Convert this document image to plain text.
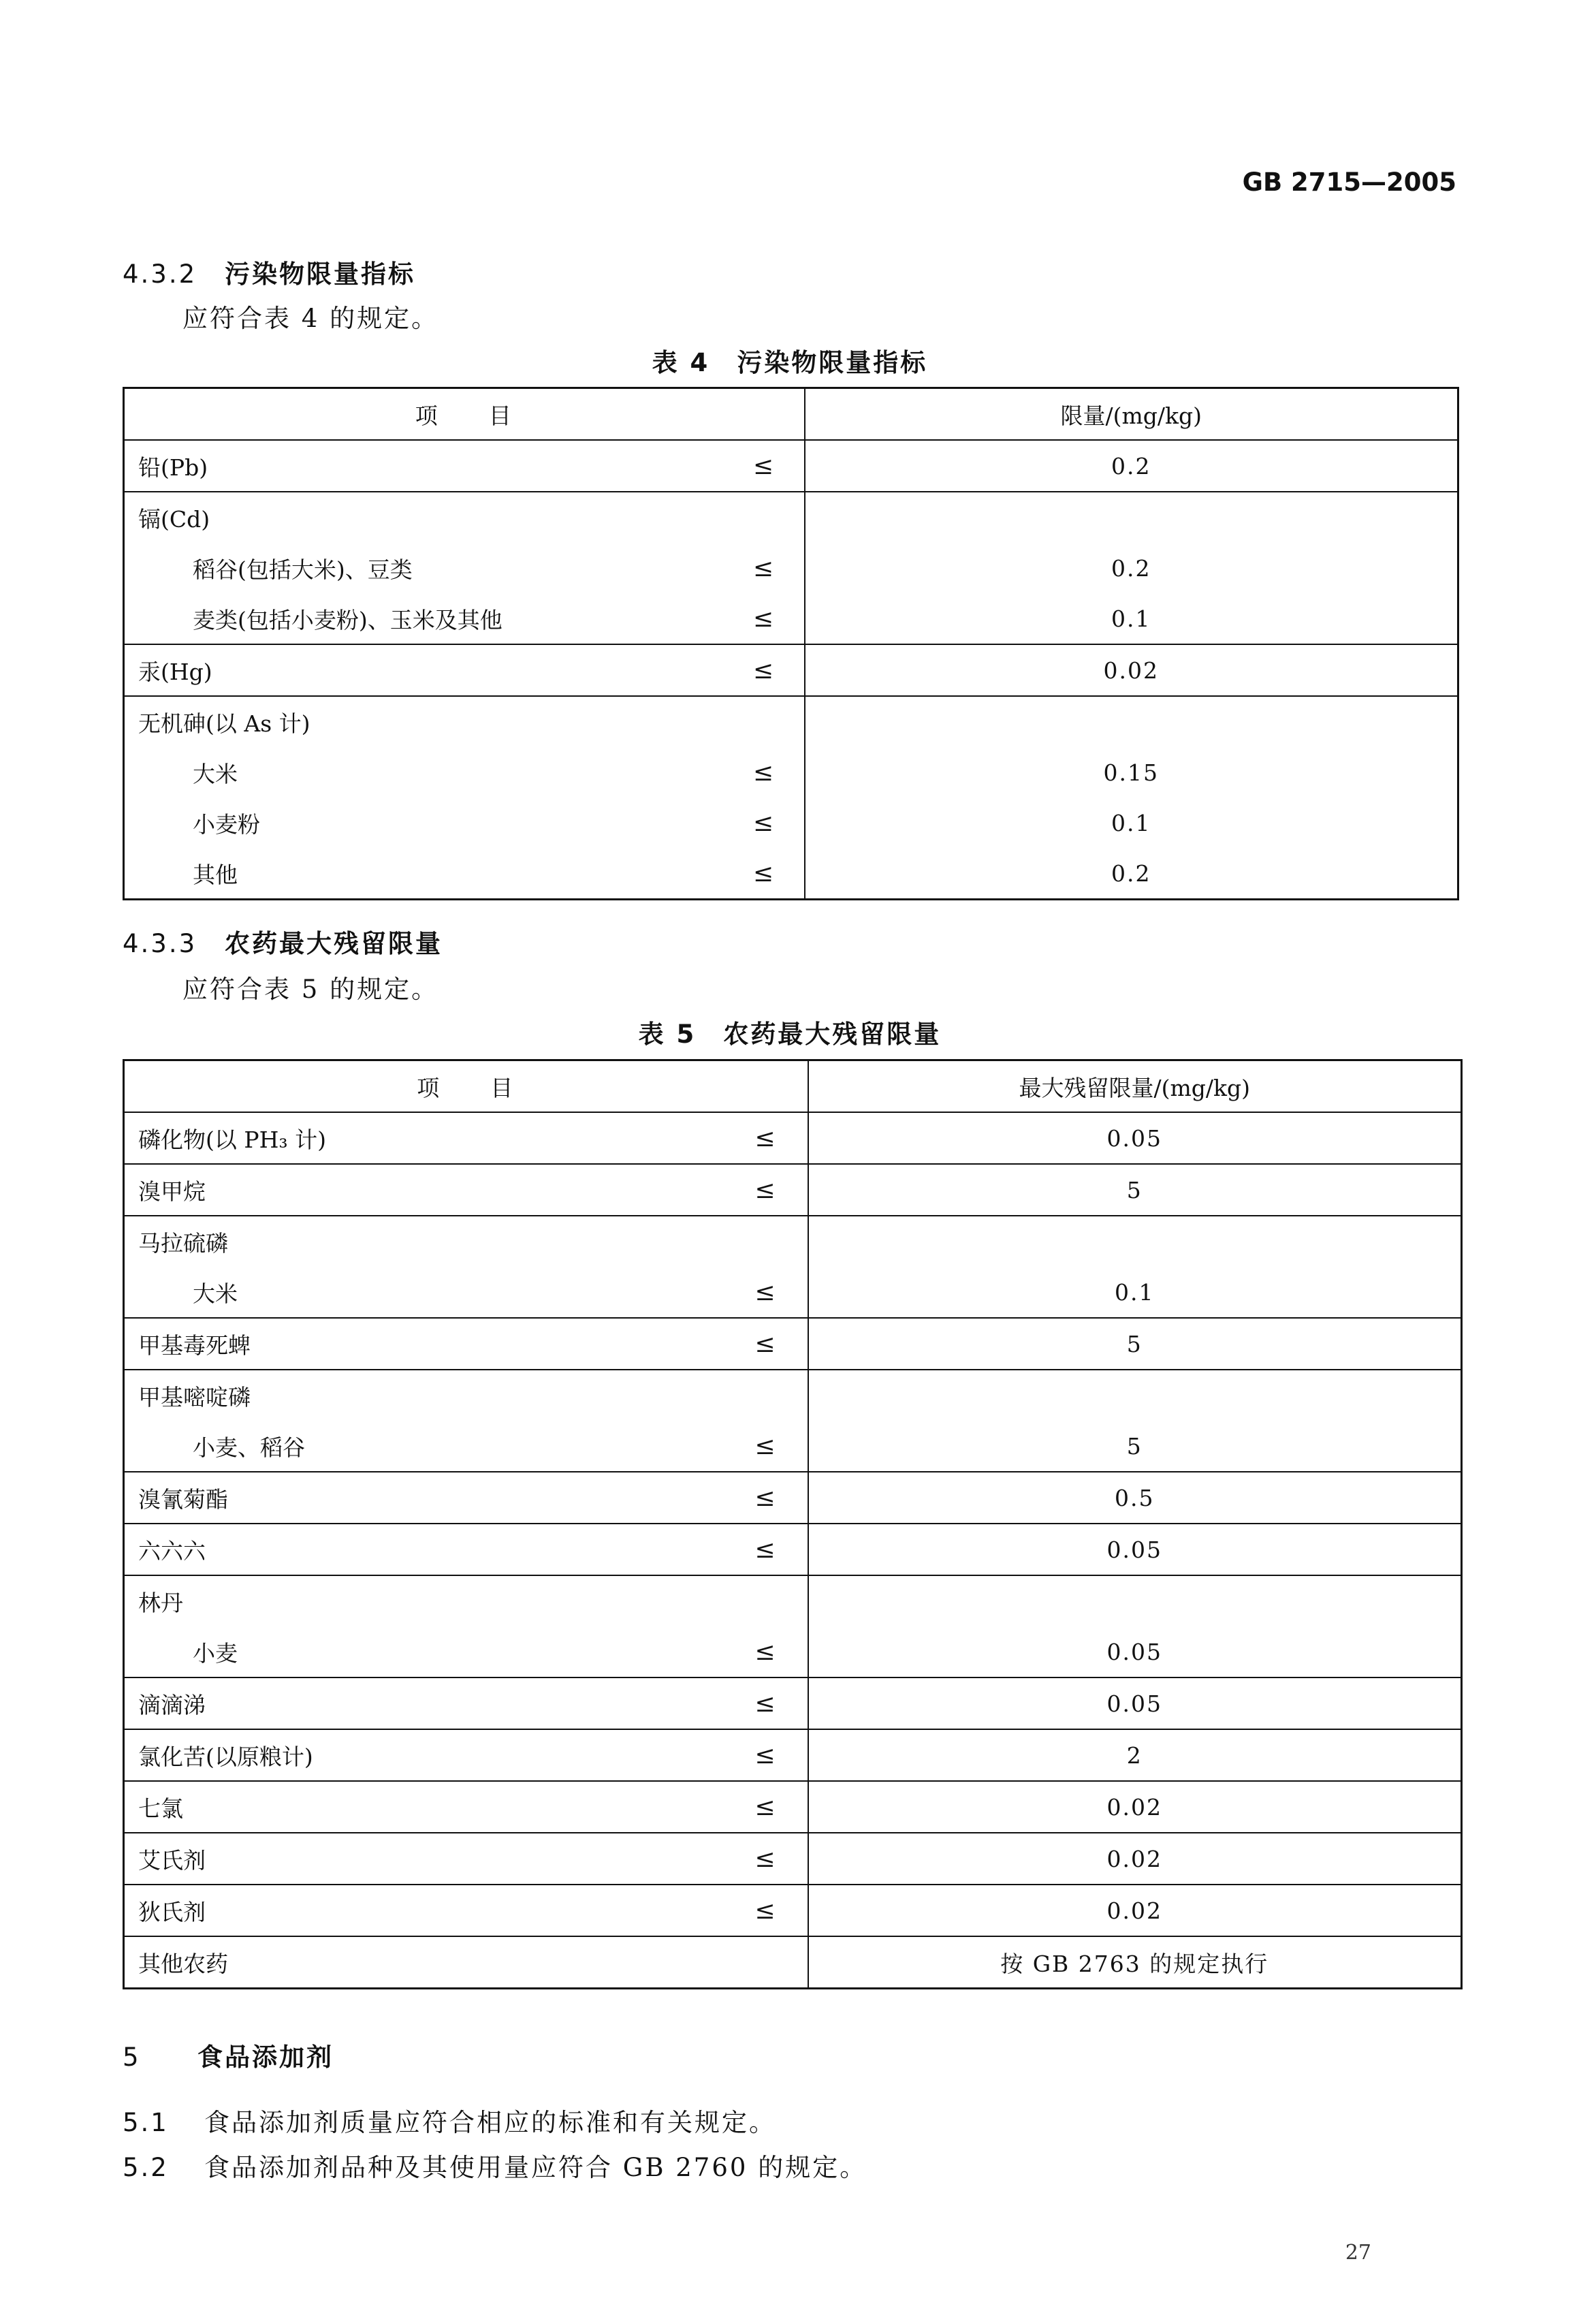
GB 2715—2005
4.3.2 污染物限量指标
应符合表 4 的规定。
表 4 污染物限量指标
项　　目		限量/(mg/kg)
铅(Pb)	≤	0.2
镉(Cd)		
稻谷(包括大米)、豆类	≤	0.2
麦类(包括小麦粉)、玉米及其他	≤	0.1
汞(Hg)	≤	0.02
无机砷(以 As 计)		
大米	≤	0.15
小麦粉	≤	0.1
其他	≤	0.2
4.3.3 农药最大残留限量
应符合表 5 的规定。
表 5 农药最大残留限量
项　　目		最大残留限量/(mg/kg)
磷化物(以 PH₃ 计)	≤	0.05
溴甲烷	≤	5
马拉硫磷		
大米	≤	0.1
甲基毒死蜱	≤	5
甲基嘧啶磷		
小麦、稻谷	≤	5
溴氰菊酯	≤	0.5
六六六	≤	0.05
林丹		
小麦	≤	0.05
滴滴涕	≤	0.05
氯化苦(以原粮计)	≤	2
七氯	≤	0.02
艾氏剂	≤	0.02
狄氏剂	≤	0.02
其他农药		按 GB 2763 的规定执行
5 食品添加剂
5.1 食品添加剂质量应符合相应的标准和有关规定。
5.2 食品添加剂品种及其使用量应符合 GB 2760 的规定。
27
